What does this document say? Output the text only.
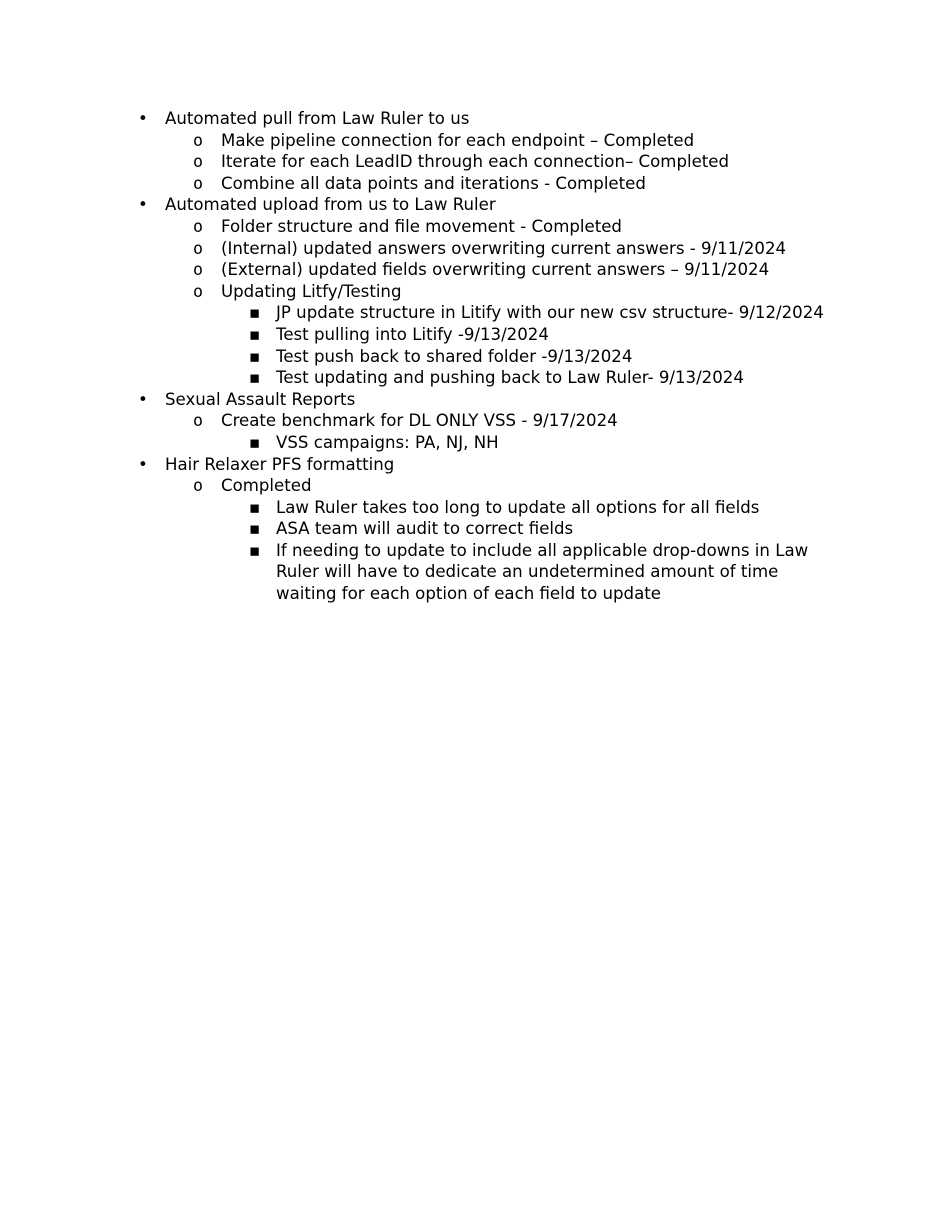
• Automated pull from Law Ruler to us
o Make pipeline connection for each endpoint – Completed
o Iterate for each LeadID through each connection– Completed
o Combine all data points and iterations - Completed
• Automated upload from us to Law Ruler
o Folder structure and file movement - Completed
o (Internal) updated answers overwriting current answers - 9/11/2024
o (External) updated fields overwriting current answers – 9/11/2024
o Updating Litfy/Testing
▪ JP update structure in Litify with our new csv structure- 9/12/2024
▪ Test pulling into Litify -9/13/2024
▪ Test push back to shared folder -9/13/2024
▪ Test updating and pushing back to Law Ruler- 9/13/2024
• Sexual Assault Reports
o Create benchmark for DL ONLY VSS - 9/17/2024
▪ VSS campaigns: PA, NJ, NH
• Hair Relaxer PFS formatting
o Completed
▪ Law Ruler takes too long to update all options for all fields
▪ ASA team will audit to correct fields
▪ If needing to update to include all applicable drop-downs in Law Ruler will have to dedicate an undetermined amount of time waiting for each option of each field to update
